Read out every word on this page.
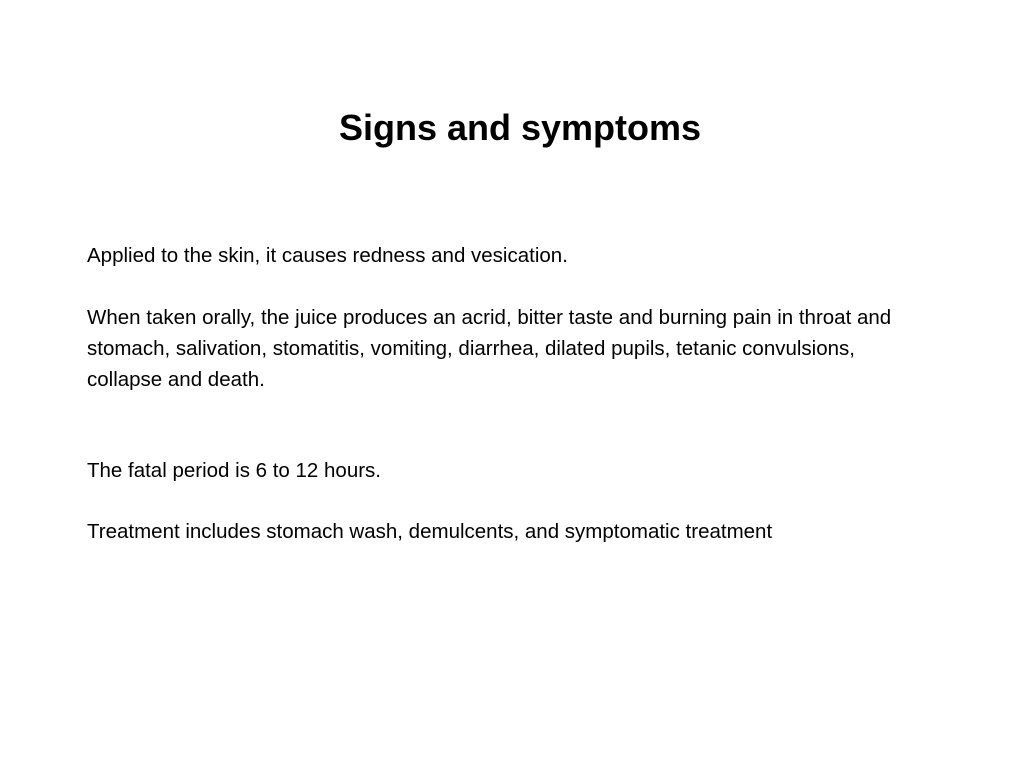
Signs and symptoms

Applied to the skin, it causes redness and vesication.

When taken orally, the juice produces an acrid, bitter taste and burning pain in throat and stomach, salivation, stomatitis, vomiting, diarrhea, dilated pupils, tetanic convulsions, collapse and death.

The fatal period is 6 to 12 hours.

Treatment includes stomach wash, demulcents, and symptomatic treatment
